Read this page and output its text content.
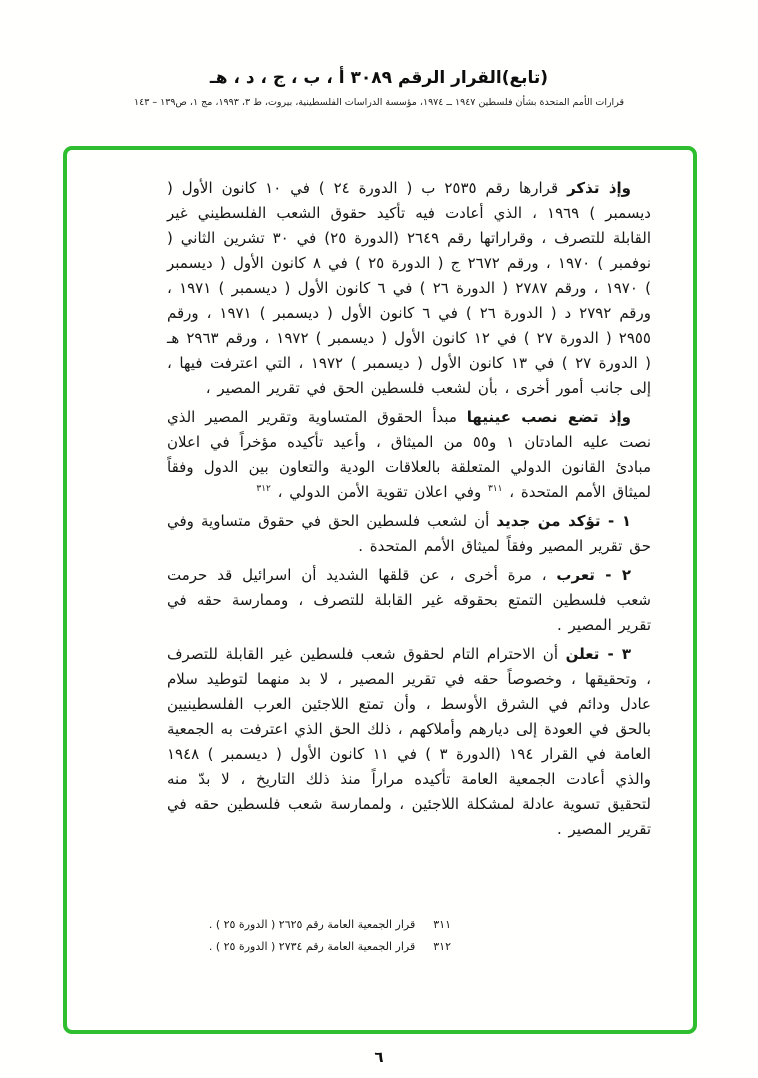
(تابع)القرار الرقم ٣٠٨٩ أ ، ب ، ج ، د ، هـ
قرارات الأمم المتحدة بشأن فلسطين ١٩٤٧ ــ ١٩٧٤، مؤسسة الدراسات الفلسطينية، بيروت، ط ٣، ١٩٩٣، مج ١، ص١٣٩ – ١٤٣

وإذ تذكر قرارها رقم ٢٥٣٥ ب ( الدورة ٢٤ ) في ١٠ كانون الأول ( ديسمبر ) ١٩٦٩ ، الذي أعادت فيه تأكيد حقوق الشعب الفلسطيني غير القابلة للتصرف ، وقراراتها رقم ٢٦٤٩ (الدورة ٢٥) في ٣٠ تشرين الثاني ( نوفمبر ) ١٩٧٠ ، ورقم ٢٦٧٢ ج ( الدورة ٢٥ ) في ٨ كانون الأول ( ديسمبر ) ١٩٧٠ ، ورقم ٢٧٨٧ ( الدورة ٢٦ ) في ٦ كانون الأول ( ديسمبر ) ١٩٧١ ، ورقم ٢٧٩٢ د ( الدورة ٢٦ ) في ٦ كانون الأول ( ديسمبر ) ١٩٧١ ، ورقم ٢٩٥٥ ( الدورة ٢٧ ) في ١٢ كانون الأول ( ديسمبر ) ١٩٧٢ ، ورقم ٢٩٦٣ هـ ( الدورة ٢٧ ) في ١٣ كانون الأول ( ديسمبر ) ١٩٧٢ ، التي اعترفت فيها ، إلى جانب أمور أخرى ، بأن لشعب فلسطين الحق في تقرير المصير ،

وإذ تضع نصب عينيها مبدأ الحقوق المتساوية وتقرير المصير الذي نصت عليه المادتان ١ و٥٥ من الميثاق ، وأعيد تأكيده مؤخراً في اعلان مبادئ القانون الدولي المتعلقة بالعلاقات الودية والتعاون بين الدول وفقاً لميثاق الأمم المتحدة ، $^{٣١١}$ وفي اعلان تقوية الأمن الدولي ، $^{٣١٢}$

١ - تؤكد من جديد أن لشعب فلسطين الحق في حقوق متساوية وفي حق تقرير المصير وفقاً لميثاق الأمم المتحدة .

٢ - تعرب ، مرة أخرى ، عن قلقها الشديد أن اسرائيل قد حرمت شعب فلسطين التمتع بحقوقه غير القابلة للتصرف ، وممارسة حقه في تقرير المصير .

٣ - تعلن أن الاحترام التام لحقوق شعب فلسطين غير القابلة للتصرف ، وتحقيقها ، وخصوصاً حقه في تقرير المصير ، لا بد منهما لتوطيد سلام عادل ودائم في الشرق الأوسط ، وأن تمتع اللاجئين العرب الفلسطينيين بالحق في العودة إلى ديارهم وأملاكهم ، ذلك الحق الذي اعترفت به الجمعية العامة في القرار ١٩٤ (الدورة ٣ ) في ١١ كانون الأول ( ديسمبر ) ١٩٤٨ والذي أعادت الجمعية العامة تأكيده مراراً منذ ذلك التاريخ ، لا بدّ منه لتحقيق تسوية عادلة لمشكلة اللاجئين ، ولممارسة شعب فلسطين حقه في تقرير المصير .

٣١١قرار الجمعية العامة رقم ٢٦٢٥ ( الدورة ٢٥ ) .
٣١٢قرار الجمعية العامة رقم ٢٧٣٤ ( الدورة ٢٥ ) .
٦
